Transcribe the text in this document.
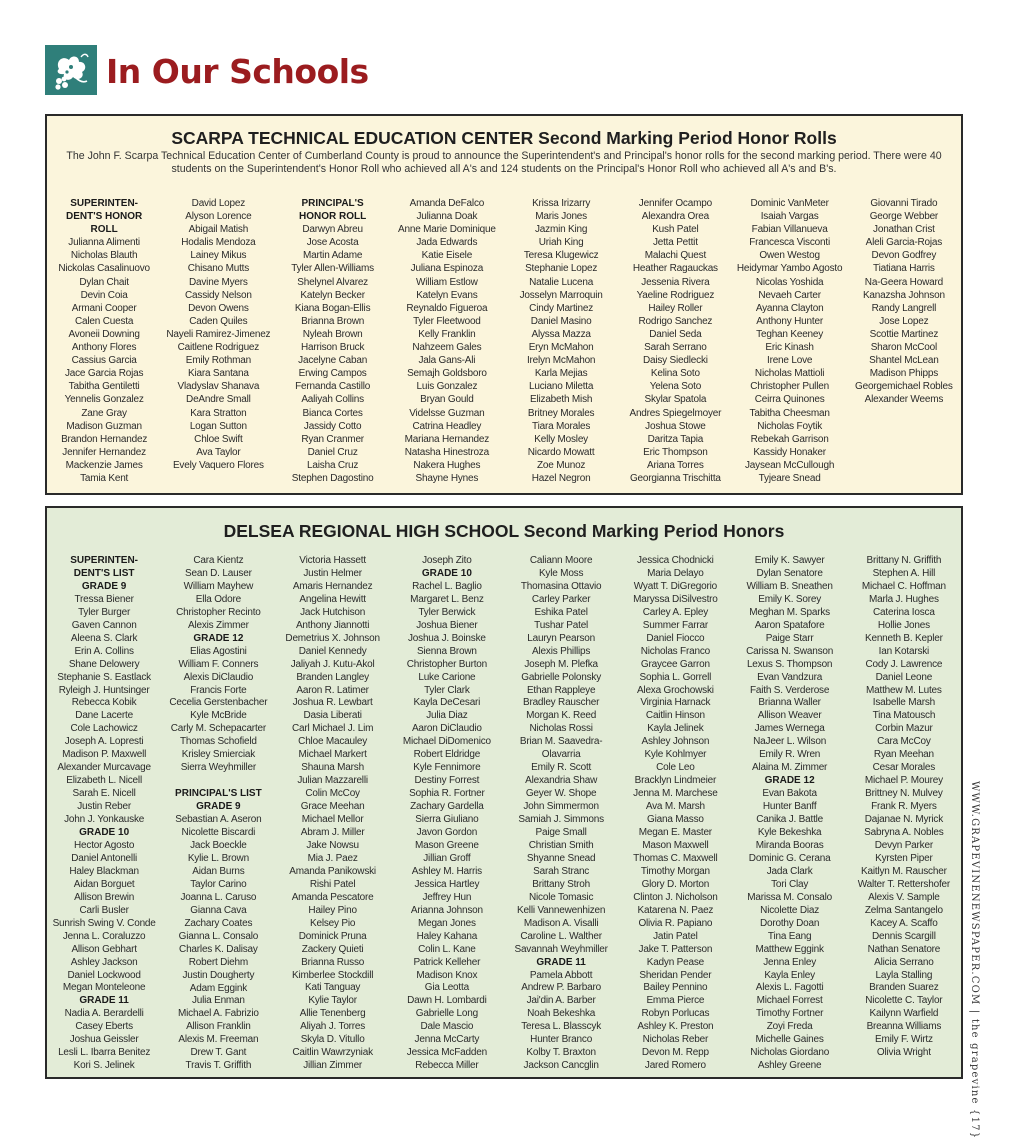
In Our Schools
SCARPA TECHNICAL EDUCATION CENTER Second Marking Period Honor Rolls

The John F. Scarpa Technical Education Center of Cumberland County is proud to announce the Superintendent's and Principal's honor rolls for the second marking period. There were 40 students on the Superintendent's Honor Roll who achieved all A's and 124 students on the Principal's Honor Roll who achieved all A's and B's.

SUPERINTEN-
DENT'S HONOR
ROLL
Julianna Alimenti
Nicholas Blauth
Nickolas Casalinuovo
Dylan Chait
Devin Coia
Armani Cooper
Calen Cuesta
Avoneii Downing
Anthony Flores
Cassius Garcia
Jace Garcia Rojas
Tabitha Gentiletti
Yennelis Gonzalez
Zane Gray
Madison Guzman
Brandon Hernandez
Jennifer Hernandez
Mackenzie James
Tamia Kent
David Lopez
Alyson Lorence
Abigail Matish
Hodalis Mendoza
Lainey Mikus
Chisano Mutts
Davine Myers
Cassidy Nelson
Devon Owens
Caden Quiles
Nayeli Ramirez-Jimenez
Caitlene Rodriguez
Emily Rothman
Kiara Santana
Vladyslav Shanava
DeAndre Small
Kara Stratton
Logan Sutton
Chloe Swift
Ava Taylor
Evely Vaquero Flores
PRINCIPAL'S
HONOR ROLL
Darwyn Abreu
Jose Acosta
Martin Adame
Tyler Allen-Williams
Shelynel Alvarez
Katelyn Becker
Kiana Bogan-Ellis
Brianna Brown
Nyleah Brown
Harrison Bruck
Jacelyne Caban
Erwing Campos
Fernanda Castillo
Aaliyah Collins
Bianca Cortes
Jassidy Cotto
Ryan Cranmer
Daniel Cruz
Laisha Cruz
Stephen Dagostino
Amanda DeFalco
Julianna Doak
Anne Marie Dominique
Jada Edwards
Katie Eisele
Juliana Espinoza
William Estlow
Katelyn Evans
Reynaldo Figueroa
Tyler Fleetwood
Kelly Franklin
Nahzeem Gales
Jala Gans-Ali
Semajh Goldsboro
Luis Gonzalez
Bryan Gould
Videlsse Guzman
Catrina Headley
Mariana Hernandez
Natasha Hinestroza
Nakera Hughes
Shayne Hynes
Krissa Irizarry
Maris Jones
Jazmin King
Uriah King
Teresa Klugewicz
Stephanie Lopez
Natalie Lucena
Josselyn Marroquin
Cindy Martinez
Daniel Masino
Alyssa Mazza
Eryn McMahon
Irelyn McMahon
Karla Mejias
Luciano Miletta
Elizabeth Mish
Britney Morales
Tiara Morales
Kelly Mosley
Nicardo Mowatt
Zoe Munoz
Hazel Negron
Jennifer Ocampo
Alexandra Orea
Kush Patel
Jetta Pettit
Malachi Quest
Heather Ragauckas
Jessenia Rivera
Yaeline Rodriguez
Hailey Roller
Rodrigo Sanchez
Daniel Seda
Sarah Serrano
Daisy Siedlecki
Kelina Soto
Yelena Soto
Skylar Spatola
Andres Spiegelmoyer
Joshua Stowe
Daritza Tapia
Eric Thompson
Ariana Torres
Georgianna Trischitta
Dominic VanMeter
Isaiah Vargas
Fabian Villanueva
Francesca Visconti
Owen Westog
Heidymar Yambo Agosto
Nicolas Yoshida
Nevaeh Carter
Ayanna Clayton
Anthony Hunter
Teghan Keeney
Eric Kinash
Irene Love
Nicholas Mattioli
Christopher Pullen
Ceirra Quinones
Tabitha Cheesman
Nicholas Foytik
Rebekah Garrison
Kassidy Honaker
Jaysean McCullough
Tyjeare Snead
Giovanni Tirado
George Webber
Jonathan Crist
Aleli Garcia-Rojas
Devon Godfrey
Tiatiana Harris
Na-Geera Howard
Kanazsha Johnson
Randy Langrell
Jose Lopez
Scottie Martinez
Sharon McCool
Shantel McLean
Madison Phipps
Georgemichael Robles
Alexander Weems
DELSEA REGIONAL HIGH SCHOOL Second Marking Period Honors
SUPERINTEN-
DENT'S LIST
GRADE 9
Tressa Biener
Tyler Burger
Gaven Cannon
Aleena S. Clark
Erin A. Collins
Shane Delowery
Stephanie S. Eastlack
Ryleigh J. Huntsinger
Rebecca Kobik
Dane Lacerte
Cole Lachowicz
Joseph A. Lopresti
Madison P. Maxwell
Alexander Murcavage
Elizabeth L. Nicell
Sarah E. Nicell
Justin Reber
John J. Yonkauske
GRADE 10
Hector Agosto
Daniel Antonelli
Haley Blackman
Aidan Borguet
Allison Brewin
Carli Busler
Sunrish Swing V. Conde
Jenna L. Coraluzzo
Allison Gebhart
Ashley Jackson
Daniel Lockwood
Megan Monteleone
GRADE 11
Nadia A. Berardelli
Casey Eberts
Joshua Geissler
Lesli L. Ibarra Benitez
Kori S. Jelinek
Cara Kientz
Sean D. Lauser
William Mayhew
Ella Odore
Christopher Recinto
Alexis Zimmer
GRADE 12
Elias Agostini
William F. Conners
Alexis DiClaudio
Francis Forte
Cecelia Gerstenbacher
Kyle McBride
Carly M. Schepacarter
Thomas Schofield
Krisley Smierciak
Sierra Weyhmiller
PRINCIPAL'S LIST
GRADE 9
Sebastian A. Aseron
Nicolette Biscardi
Jack Boeckle
Kylie L. Brown
Aidan Burns
Taylor Carino
Joanna L. Caruso
Gianna Cava
Zachary Coates
Gianna L. Consalo
Charles K. Dalisay
Robert Diehm
Justin Dougherty
Adam Eggink
Julia Enman
Michael A. Fabrizio
Allison Franklin
Alexis M. Freeman
Drew T. Gant
Travis T. Griffith
Victoria Hassett
Justin Helmer
Amaris Hernandez
Angelina Hewitt
Jack Hutchison
Anthony Jiannotti
Demetrius X. Johnson
Daniel Kennedy
Jaliyah J. Kutu-Akol
Branden Langley
Aaron R. Latimer
Joshua R. Lewbart
Dasia Liberati
Carl Michael J. Lim
Chloe Macauley
Michael Markert
Shauna Marsh
Julian Mazzarelli
Colin McCoy
Grace Meehan
Michael Mellor
Abram J. Miller
Jake Nowsu
Mia J. Paez
Amanda Panikowski
Rishi Patel
Amanda Pescatore
Hailey Pino
Kelsey Pio
Dominick Pruna
Zackery Quieti
Brianna Russo
Kimberlee Stockdill
Kati Tanguay
Kylie Taylor
Allie Tenenberg
Aliyah J. Torres
Skyla D. Vitullo
Caitlin Wawrzyniak
Jillian Zimmer
Joseph Zito
GRADE 10
Rachel L. Baglio
Margaret L. Benz
Tyler Berwick
Joshua Biener
Joshua J. Boinske
Sienna Brown
Christopher Burton
Luke Carione
Tyler Clark
Kayla DeCesari
Julia Diaz
Aaron DiClaudio
Michael DiDomenico
Robert Eldridge
Kyle Fennimore
Destiny Forrest
Sophia R. Fortner
Zachary Gardella
Sierra Giuliano
Javon Gordon
Mason Greene
Jillian Groff
Ashley M. Harris
Jessica Hartley
Jeffrey Hun
Arianna Johnson
Megan Jones
Haley Kahana
Colin L. Kane
Patrick Kelleher
Madison Knox
Gia Leotta
Dawn H. Lombardi
Gabrielle Long
Dale Mascio
Jenna McCarty
Jessica McFadden
Rebecca Miller
Caliann Moore
Kyle Moss
Thomasina Ottavio
Carley Parker
Eshika Patel
Tushar Patel
Lauryn Pearson
Alexis Phillips
Joseph M. Plefka
Gabrielle Polonsky
Ethan Rappleye
Bradley Rauscher
Morgan K. Reed
Nicholas Rossi
Brian M. Saavedra-
Olavarria
Emily R. Scott
Alexandria Shaw
Geyer W. Shope
John Simmermon
Samiah J. Simmons
Paige Small
Christian Smith
Shyanne Snead
Sarah Stranc
Brittany Stroh
Nicole Tomasic
Kelli Vannewenhizen
Madison A. Visalli
Caroline L. Walther
Savannah Weyhmiller
GRADE 11
Pamela Abbott
Andrew P. Barbaro
Jai'din A. Barber
Noah Bekeshka
Teresa L. Blasscyk
Hunter Branco
Kolby T. Braxton
Jackson Cancglin
Jessica Chodnicki
Maria Delayo
Wyatt T. DiGregorio
Maryssa DiSilvestro
Carley A. Epley
Summer Farrar
Daniel Fiocco
Nicholas Franco
Graycee Garron
Sophia L. Gorrell
Alexa Grochowski
Virginia Harnack
Caitlin Hinson
Kayla Jelinek
Ashley Johnson
Kyle Kohlmyer
Cole Leo
Bracklyn Lindmeier
Jenna M. Marchese
Ava M. Marsh
Giana Masso
Megan E. Master
Mason Maxwell
Thomas C. Maxwell
Timothy Morgan
Glory D. Morton
Clinton J. Nicholson
Katarena N. Paez
Olivia R. Papiano
Jatin Patel
Jake T. Patterson
Kadyn Pease
Sheridan Pender
Bailey Pennino
Emma Pierce
Robyn Porlucas
Ashley K. Preston
Nicholas Reber
Devon M. Repp
Jared Romero
Emily K. Sawyer
Dylan Senatore
William B. Sneathen
Emily K. Sorey
Meghan M. Sparks
Aaron Spatafore
Paige Starr
Carissa N. Swanson
Lexus S. Thompson
Evan Vandzura
Faith S. Verderose
Brianna Waller
Allison Weaver
James Wernega
NaJeer L. Wilson
Emily R. Wren
Alaina M. Zimmer
GRADE 12
Evan Bakota
Hunter Banff
Canika J. Battle
Kyle Bekeshka
Miranda Booras
Dominic G. Cerana
Jada Clark
Tori Clay
Marissa M. Consalo
Nicolette Diaz
Dorothy Doan
Tina Eang
Matthew Eggink
Jenna Enley
Kayla Enley
Alexis L. Fagotti
Michael Forrest
Timothy Fortner
Zoyi Freda
Michelle Gaines
Nicholas Giordano
Ashley Greene
Brittany N. Griffith
Stephen A. Hill
Michael C. Hoffman
Marla J. Hughes
Caterina Iosca
Hollie Jones
Kenneth B. Kepler
Ian Kotarski
Cody J. Lawrence
Daniel Leone
Matthew M. Lutes
Isabelle Marsh
Tina Matousch
Corbin Mazur
Cara McCoy
Ryan Meehan
Cesar Morales
Michael P. Mourey
Brittney N. Mulvey
Frank R. Myers
Dajanae N. Myrick
Sabryna A. Nobles
Devyn Parker
Kyrsten Piper
Kaitlyn M. Rauscher
Walter T. Rettershofer
Alexis V. Sample
Zelma Santangelo
Kacey A. Scaffo
Dennis Scargill
Nathan Senatore
Alicia Serrano
Layla Stalling
Branden Suarez
Nicolette C. Taylor
Kailynn Warfield
Breanna Williams
Emily F. Wirtz
Olivia Wright	WWW.GRAPEVINENEWSPAPER.COM | the grapevine {17}
